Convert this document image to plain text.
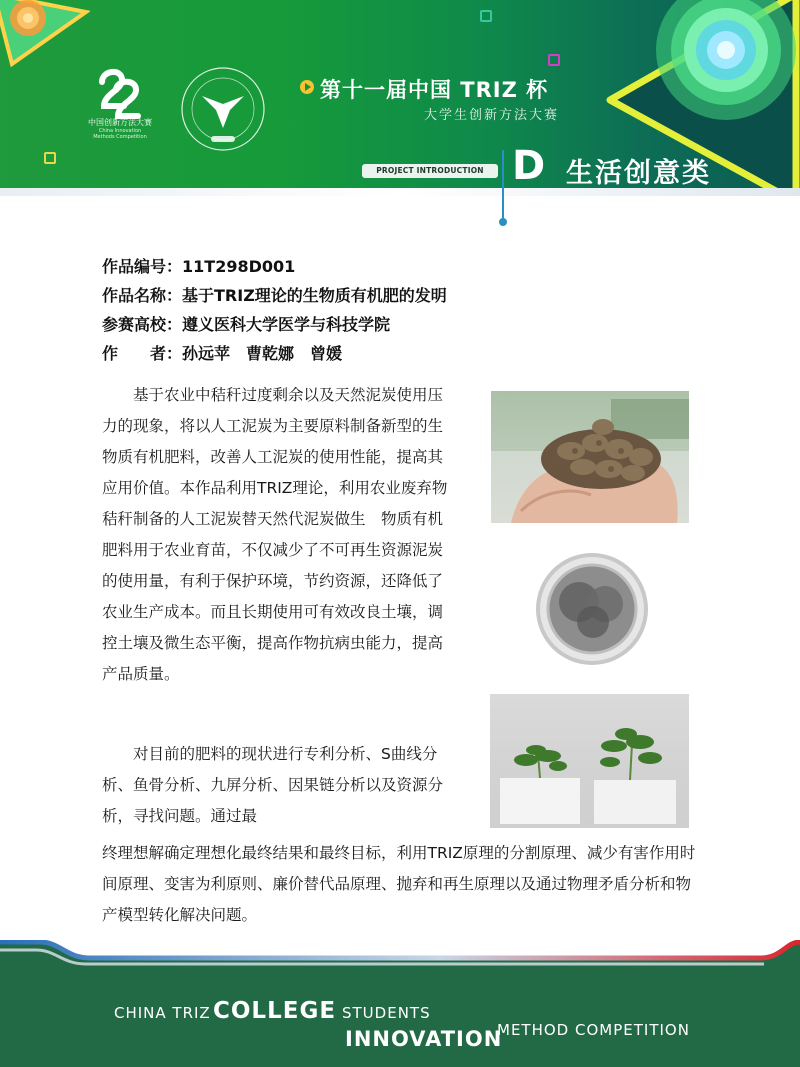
中国创新方法大赛
China Innovation
Methods Competition
第十一届中国 TRIZ 杯
大学生创新方法大赛
PROJECT INTRODUCTION D 生活创意类
作品编号：11T298D001
作品名称：基于TRIZ理论的生物质有机肥的发明
参赛高校：遵义医科大学医学与科技学院
作　　者：孙远苹　曹乾娜　曾媛

基于农业中秸秆过度剩余以及天然泥炭使用压力的现象，将以人工泥炭为主要原料制备新型的生物质有机肥料，改善人工泥炭的使用性能，提高其应用价值。本作品利用TRIZ理论，利用农业废弃物秸秆制备的人工泥炭替天然代泥炭做生　物质有机肥料用于农业育苗，不仅减少了不可再生资源泥炭的使用量，有利于保护环境，节约资源，还降低了农业生产成本。而且长期使用可有效改良土壤，调控土壤及微生态平衡，提高作物抗病虫能力，提高产品质量。

对目前的肥料的现状进行专利分析、S曲线分析、鱼骨分析、九屏分析、因果链分析以及资源分析，寻找问题。通过最

终理想解确定理想化最终结果和最终目标，利用TRIZ原理的分割原理、减少有害作用时间原理、变害为利原则、廉价替代品原理、抛弃和再生原理以及通过物理矛盾分析和物产模型转化解决问题。

CHINA TRIZ COLLEGE STUDENTS
INNOVATION
METHOD COMPETITION
